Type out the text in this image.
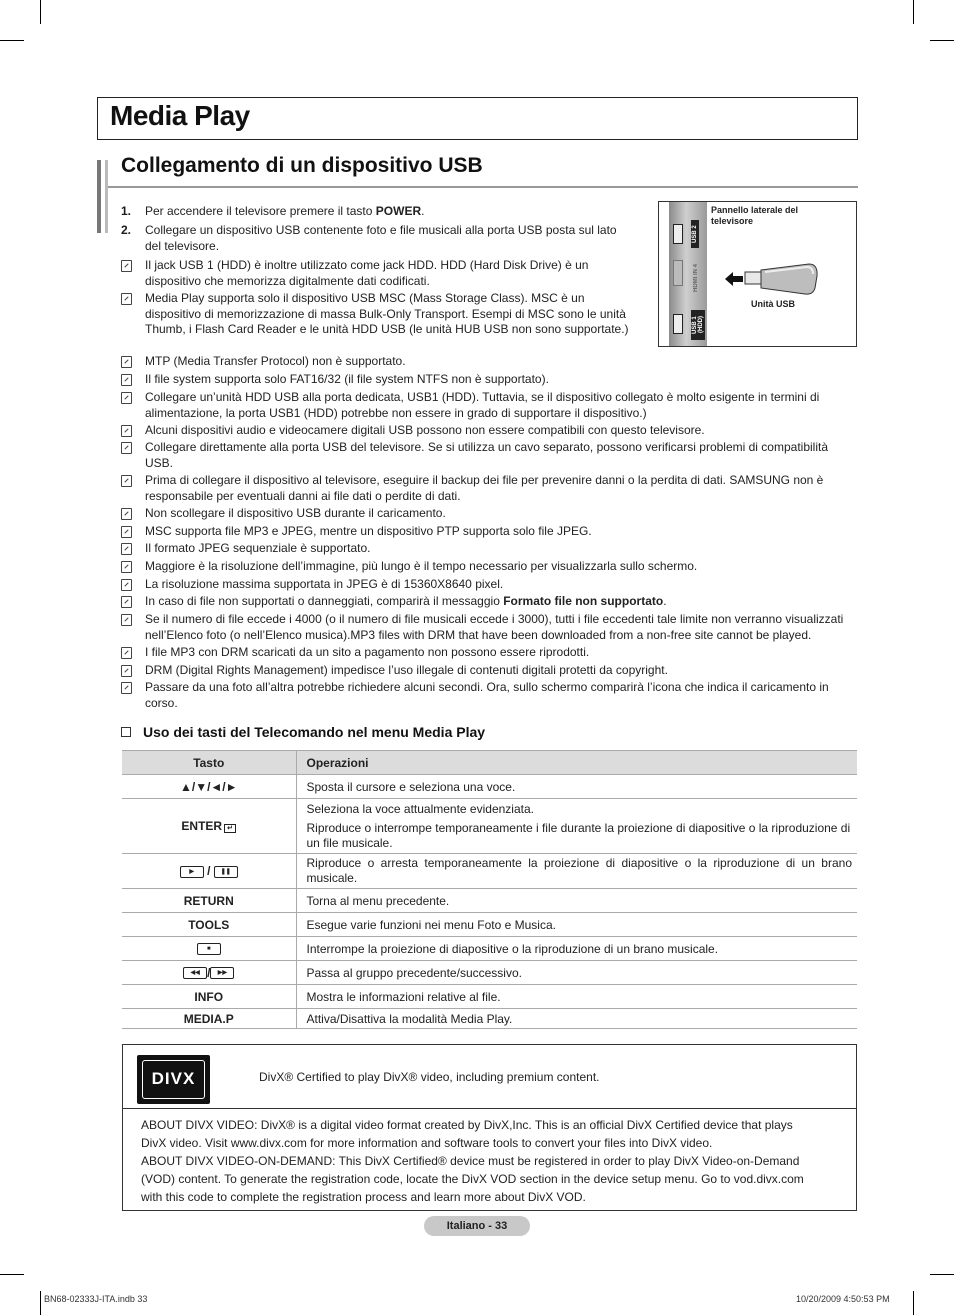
Media Play
Collegamento di un dispositivo USB
1.	Per accendere il televisore premere il tasto POWER.
2.	Collegare un dispositivo USB contenente foto e file musicali alla porta USB posta sul lato del televisore.
Il jack USB 1 (HDD) è inoltre utilizzato come jack HDD. HDD (Hard Disk Drive) è un dispositivo che memorizza digitalmente dati codificati.
Media Play supporta solo il dispositivo USB MSC (Mass Storage Class). MSC è un dispositivo di memorizzazione di massa Bulk-Only Transport. Esempi di MSC sono le unità Thumb, i Flash Card Reader e le unità HDD USB (le unità HUB USB non sono supportate.)
MTP (Media Transfer Protocol) non è supportato.
Il file system supporta solo FAT16/32 (il file system NTFS non è supportato).
Collegare un’unità HDD USB alla porta dedicata, USB1 (HDD). Tuttavia, se il dispositivo collegato è molto esigente in termini di alimentazione, la porta USB1 (HDD) potrebbe non essere in grado di supportare il dispositivo.)
Alcuni dispositivi audio e videocamere digitali USB possono non essere compatibili con questo televisore.
Collegare direttamente alla porta USB del televisore. Se si utilizza un cavo separato, possono verificarsi problemi di compatibilità USB.
Prima di collegare il dispositivo al televisore, eseguire il backup dei file per prevenire danni o la perdita di dati. SAMSUNG non è responsabile per eventuali danni ai file dati o perdite di dati.
Non scollegare il dispositivo USB durante il caricamento.
MSC supporta file MP3 e JPEG, mentre un dispositivo PTP supporta solo file JPEG.
Il formato JPEG sequenziale è supportato.
Maggiore è la risoluzione dell’immagine, più lungo è il tempo necessario per visualizzarla sullo schermo.
La risoluzione massima supportata in JPEG è di 15360X8640 pixel.
In caso di file non supportati o danneggiati, comparirà il messaggio Formato file non supportato.
Se il numero di file eccede i 4000 (o il numero di file musicali eccede i 3000), tutti i file eccedenti tale limite non verranno visualizzati nell’Elenco foto (o nell’Elenco musica).MP3 files with DRM that have been downloaded from a non-free site cannot be played.
I file MP3 con DRM scaricati da un sito a pagamento non possono essere riprodotti.
DRM (Digital Rights Management) impedisce l’uso illegale di contenuti digitali protetti da copyright.
Passare da una foto all’altra potrebbe richiedere alcuni secondi. Ora, sullo schermo comparirà l’icona che indica il caricamento in corso.
USB 2
HDMI IN 4
USB 1 (HDD)
Pannello laterale del televisore
Unità USB
Uso dei tasti del Telecomando nel menu Media Play
Tasto	Operazioni
▲/▼/◄/►	Sposta il cursore e seleziona una voce.
ENTER ↵	Seleziona la voce attualmente evidenziata.
Riproduce o interrompe temporaneamente i file durante la proiezione di diapositive o la riproduzione di un file musicale.

▶ / ❚❚	Riproduce o arresta temporaneamente la proiezione di diapositive o la riproduzione di un brano musicale.
RETURN	Torna al menu precedente.
TOOLS	Esegue varie funzioni nei menu Foto e Musica.
■	Interrompe la proiezione di diapositive o la riproduzione di un brano musicale.
◀◀ / ▶▶	Passa al gruppo precedente/successivo.
INFO	Mostra le informazioni relative al file.
MEDIA.P	Attiva/Disattiva la modalità Media Play.
DIVX	DivX® Certified to play DivX® video, including premium content.
ABOUT DIVX VIDEO: DivX® is a digital video format created by DivX,Inc. This is an official DivX Certified device that plays
DivX video. Visit www.divx.com for more information and software tools to convert your files into DivX video.
ABOUT DIVX VIDEO-ON-DEMAND: This DivX Certified® device must be registered in order to play DivX Video-on-Demand
(VOD) content. To generate the registration code, locate the DivX VOD section in the device setup menu. Go to vod.divx.com
with this code to complete the registration process and learn more about DivX VOD.
Italiano - 33
BN68-02333J-ITA.indb 33	10/20/2009 4:50:53 PM
